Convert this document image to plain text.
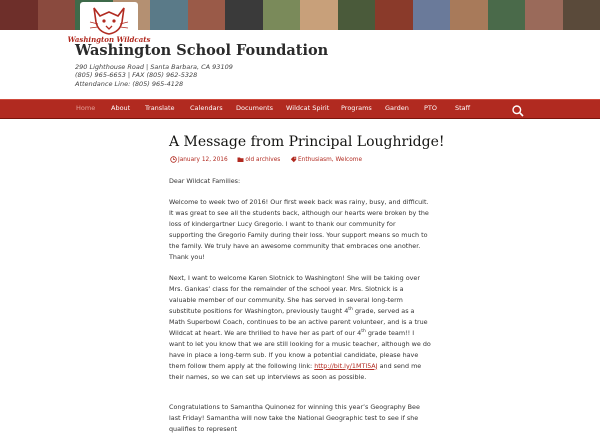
Washington Wildcats
Washington School Foundation
290 Lighthouse Road | Santa Barbara, CA 93109
(805) 965-6653 | FAX (805) 962-5328
Attendance Line: (805) 965-4128
Home About Translate Calendars Documents Wildcat Spirit Programs Garden PTO	Staff
A Message from Principal Loughridge!
January 12, 2016	old archives	Enthusiasm, Welcome

Dear Wildcat Families:

Welcome to week two of 2016! Our first week back was rainy, busy, and difficult. It was great to see all the students back, although our hearts were broken by the loss of kindergartner Lucy Gregorio. I want to thank our community for supporting the Gregorio Family during their loss. Your support means so much to the family. We truly have an awesome community that embraces one another. Thank you!

Next, I want to welcome Karen Slotnick to Washington! She will be taking over Mrs. Gankas’ class for the remainder of the school year. Mrs. Slotnick is a valuable member of our community. She has served in several long-term substitute positions for Washington, previously taught 4th grade, served as a Math Superbowl Coach, continues to be an active parent volunteer, and is a true Wildcat at heart. We are thrilled to have her as part of our 4th grade team!! I want to let you know that we are still looking for a music teacher, although we do have in place a long-term sub. If you know a potential candidate, please have them follow them apply at the following link: http://bit.ly/1MTI5AJ and send me their names, so we can set up interviews as soon as possible.

Congratulations to Samantha Quinonez for winning this year’s Geography Bee last Friday! Samantha will now take the National Geographic test to see if she qualifies to represent
